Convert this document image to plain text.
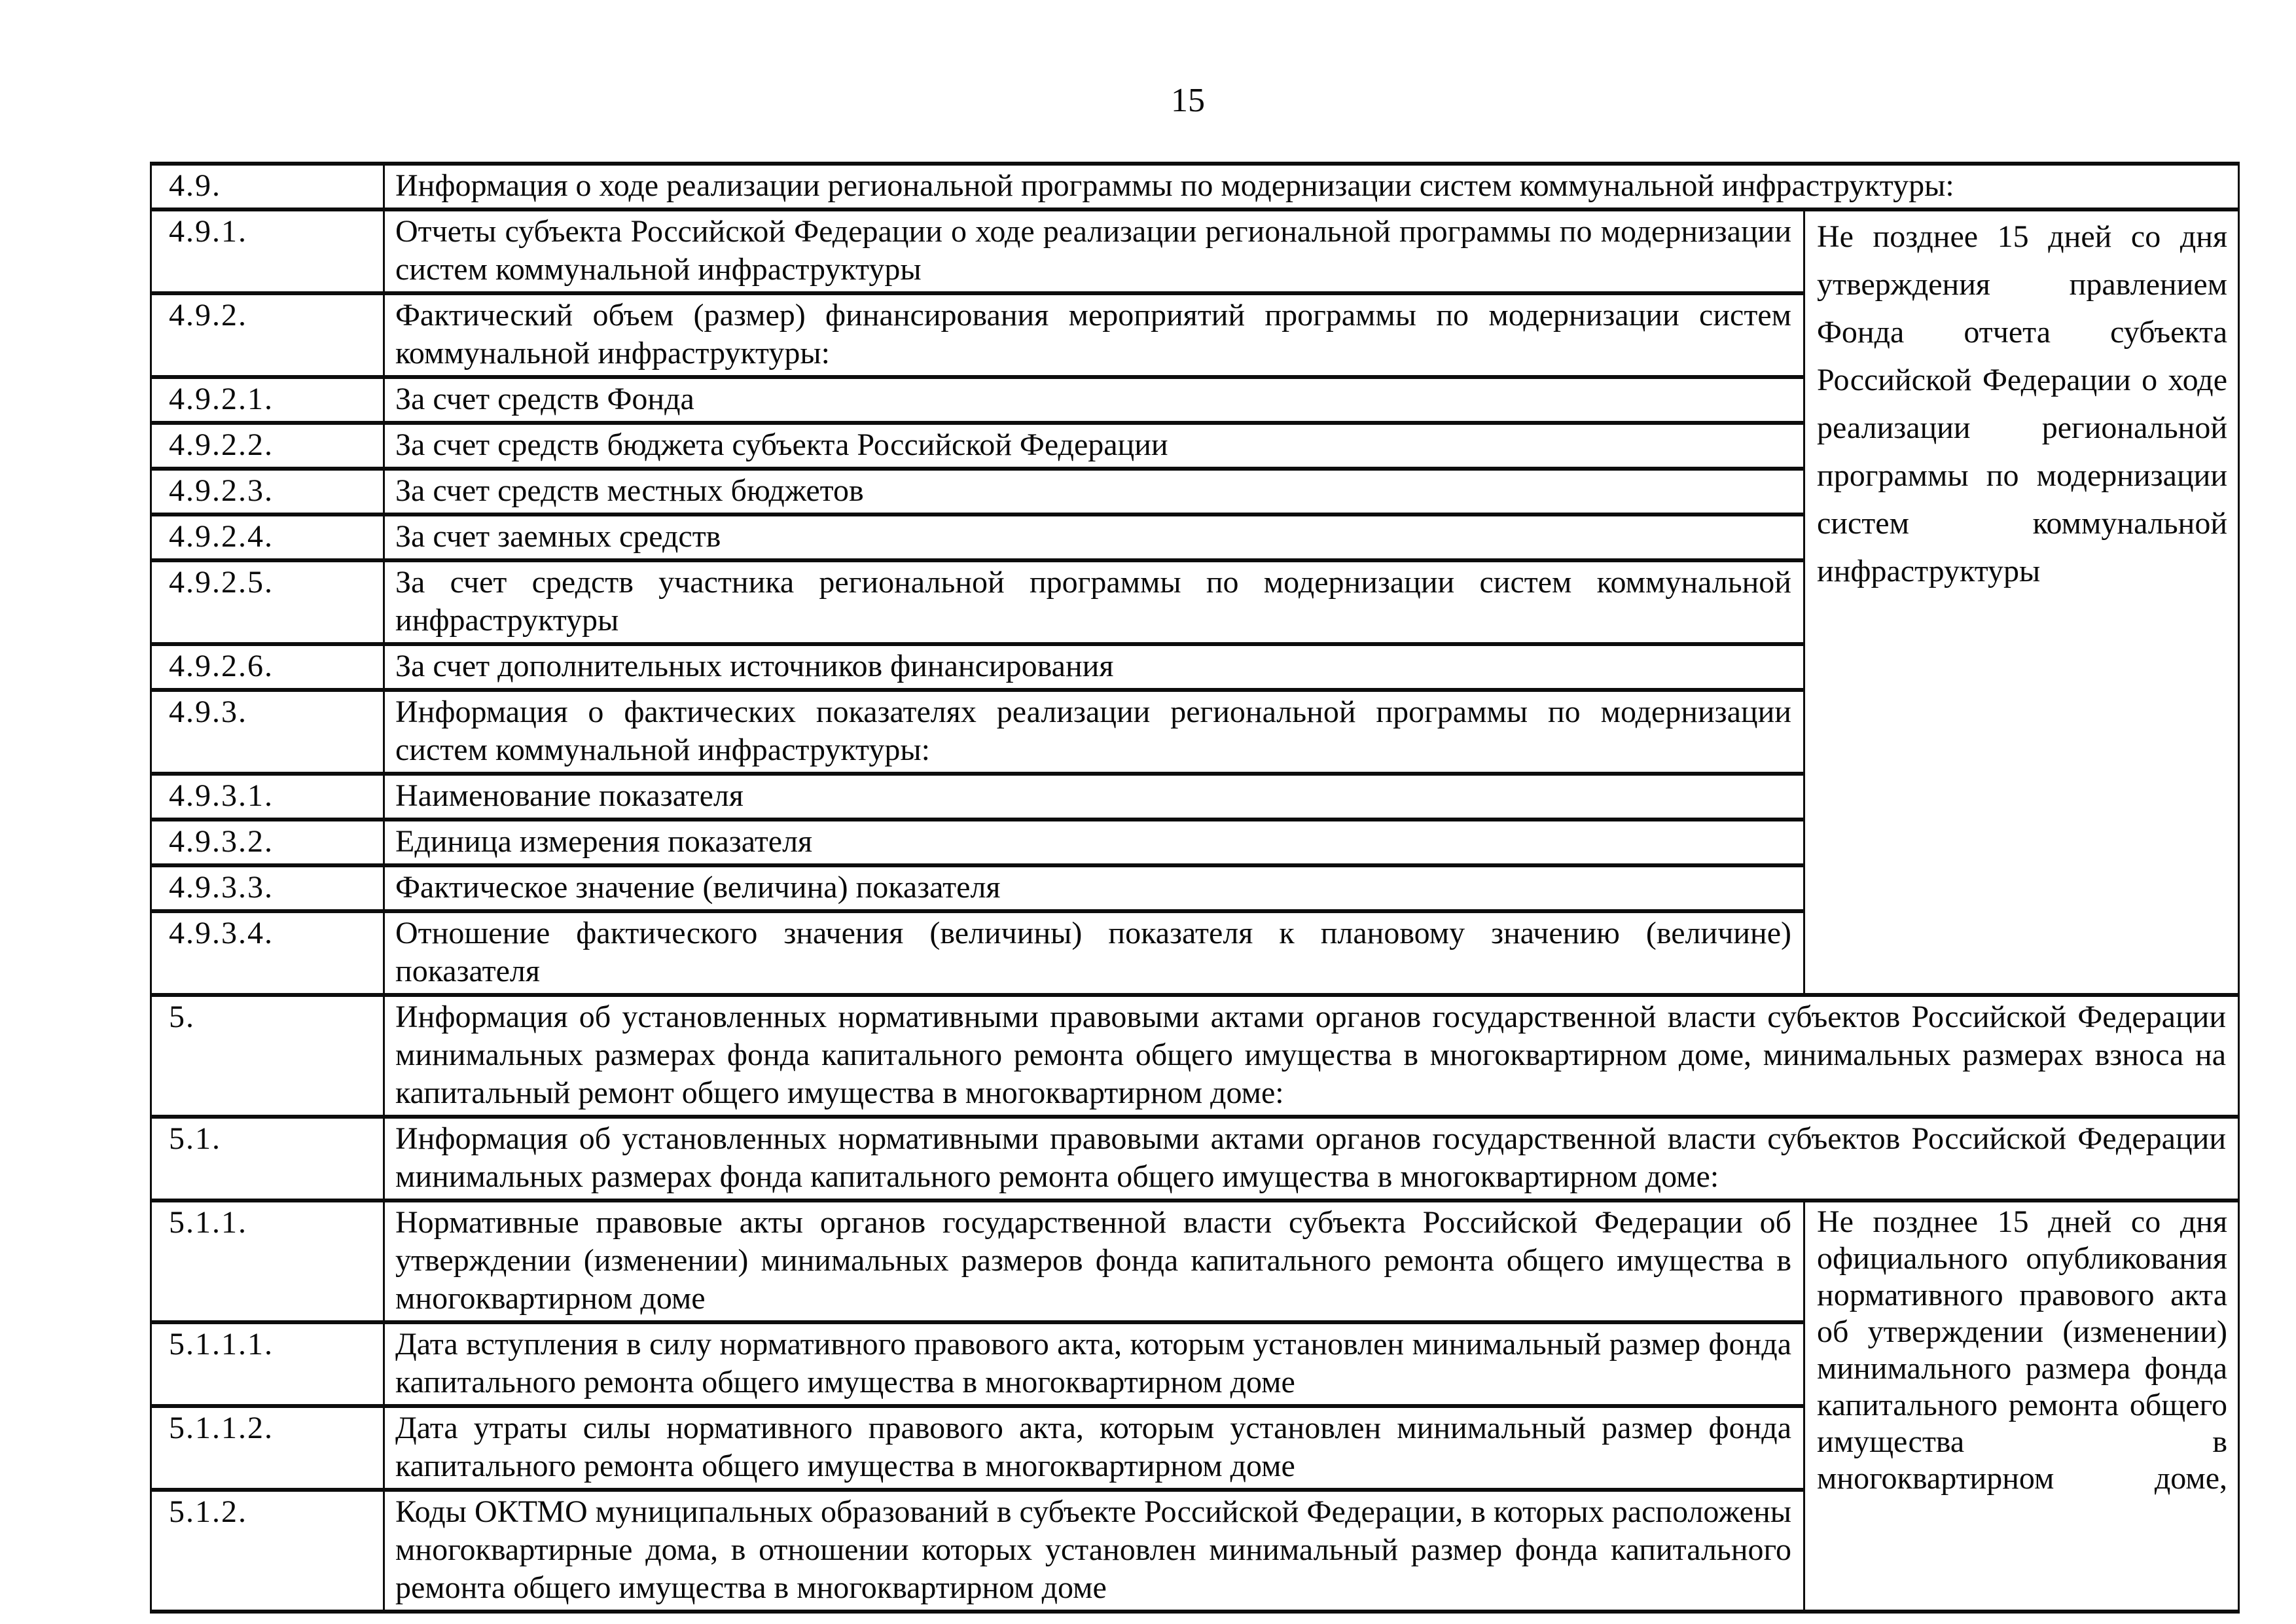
15
4.9.	Информация о ходе реализации региональной программы по модернизации систем коммунальной инфраструктуры:	
4.9.1.	Отчеты субъекта Российской Федерации о ходе реализации региональной программы по модернизации систем коммунальной инфраструктуры	Не позднее 15 дней со дня утверждения правлением Фонда отчета субъекта Российской Федерации о ходе реализации региональной программы по модернизации систем коммунальной инфраструктуры
4.9.2.	Фактический объем (размер) финансирования мероприятий программы по модернизации систем коммунальной инфраструктуры:	
4.9.2.1.	За счет средств Фонда	
4.9.2.2.	За счет средств бюджета субъекта Российской Федерации	
4.9.2.3.	За счет средств местных бюджетов	
4.9.2.4.	За счет заемных средств	
4.9.2.5.	За счет средств участника региональной программы по модернизации систем коммунальной инфраструктуры	
4.9.2.6.	За счет дополнительных источников финансирования	
4.9.3.	Информация о фактических показателях реализации региональной программы по модернизации систем коммунальной инфраструктуры:	
4.9.3.1.	Наименование показателя	
4.9.3.2.	Единица измерения показателя	
4.9.3.3.	Фактическое значение (величина) показателя	
4.9.3.4.	Отношение фактического значения (величины) показателя к плановому значению (величине) показателя	
5.	Информация об установленных нормативными правовыми актами органов государственной власти субъектов Российской Федерации минимальных размерах фонда капитального ремонта общего имущества в многоквартирном доме, минимальных размерах взноса на капитальный ремонт общего имущества в многоквартирном доме:	
5.1.	Информация об установленных нормативными правовыми актами органов государственной власти субъектов Российской Федерации минимальных размерах фонда капитального ремонта общего имущества в многоквартирном доме:	
5.1.1.	Нормативные правовые акты органов государственной власти субъекта Российской Федерации об утверждении (изменении) минимальных размеров фонда капитального ремонта общего имущества в многоквартирном доме	Не позднее 15 дней со дня официального опубликования нормативного правового акта об утверждении (изменении) минимального размера фонда капитального ремонта общего имущества в многоквартирном доме,
5.1.1.1.	Дата вступления в силу нормативного правового акта, которым установлен минимальный размер фонда капитального ремонта общего имущества в многоквартирном доме	
5.1.1.2.	Дата утраты силы нормативного правового акта, которым установлен минимальный размер фонда капитального ремонта общего имущества в многоквартирном доме	
5.1.2.	Коды ОКТМО муниципальных образований в субъекте Российской Федерации, в которых расположены многоквартирные дома, в отношении которых установлен минимальный размер фонда капитального ремонта общего имущества в многоквартирном доме	
